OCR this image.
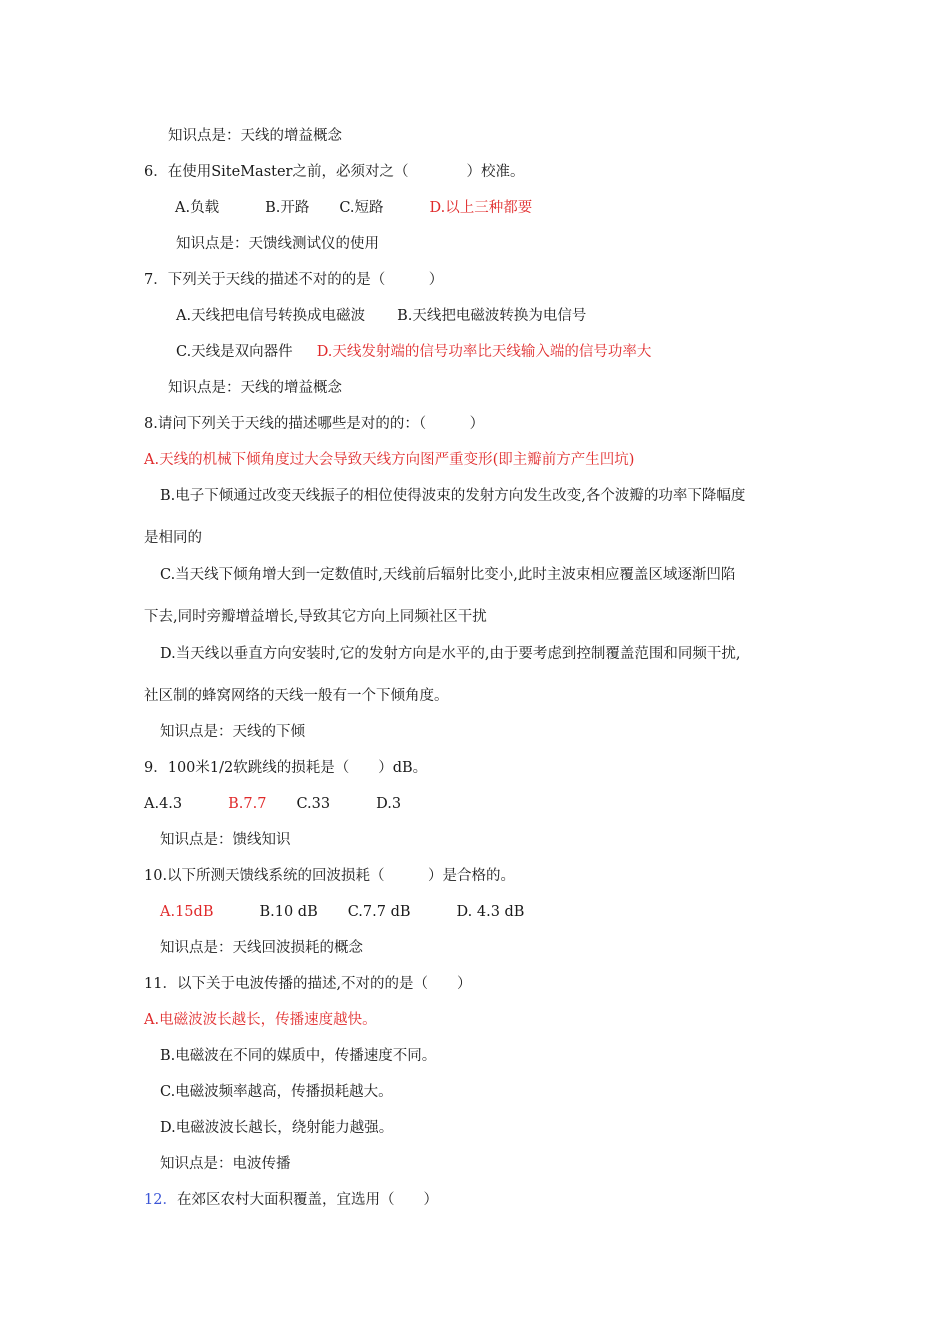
知识点是：天线的增益概念
6．在使用SiteMaster之前，必须对之（　　　　）校准。
A.负载	B.开路 C.短路	D.以上三种都要
知识点是：天馈线测试仪的使用
7．下列关于天线的描述不对的的是（　　　）
A.天线把电信号转换成电磁波 B.天线把电磁波转换为电信号
C.天线是双向器件 D.天线发射端的信号功率比天线输入端的信号功率大
知识点是：天线的增益概念
8.请问下列关于天线的描述哪些是对的的：（　　　）
A.天线的机械下倾角度过大会导致天线方向图严重变形(即主瓣前方产生凹坑)
B.电子下倾通过改变天线振子的相位使得波束的发射方向发生改变,各个波瓣的功率下降幅度
是相同的
C.当天线下倾角增大到一定数值时,天线前后辐射比变小,此时主波束相应覆盖区域逐渐凹陷
下去,同时旁瓣增益增长,导致其它方向上同频社区干扰
D.当天线以垂直方向安装时,它的发射方向是水平的,由于要考虑到控制覆盖范围和同频干扰,
社区制的蜂窝网络的天线一般有一个下倾角度。
知识点是：天线的下倾
9．100米1/2软跳线的损耗是（　　）dB。
A.4.3	B.7.7 C.33	D.3
知识点是：馈线知识
10.以下所测天馈线系统的回波损耗（　　　）是合格的。
A.15dB	B.10 dB C.7.7 dB	D. 4.3 dB
知识点是：天线回波损耗的概念
11．以下关于电波传播的描述,不对的的是（　　）
A.电磁波波长越长，传播速度越快。
B.电磁波在不同的媒质中，传播速度不同。
C.电磁波频率越高，传播损耗越大。
D.电磁波波长越长，绕射能力越强。
知识点是：电波传播
12．在郊区农村大面积覆盖，宜选用（　　）
